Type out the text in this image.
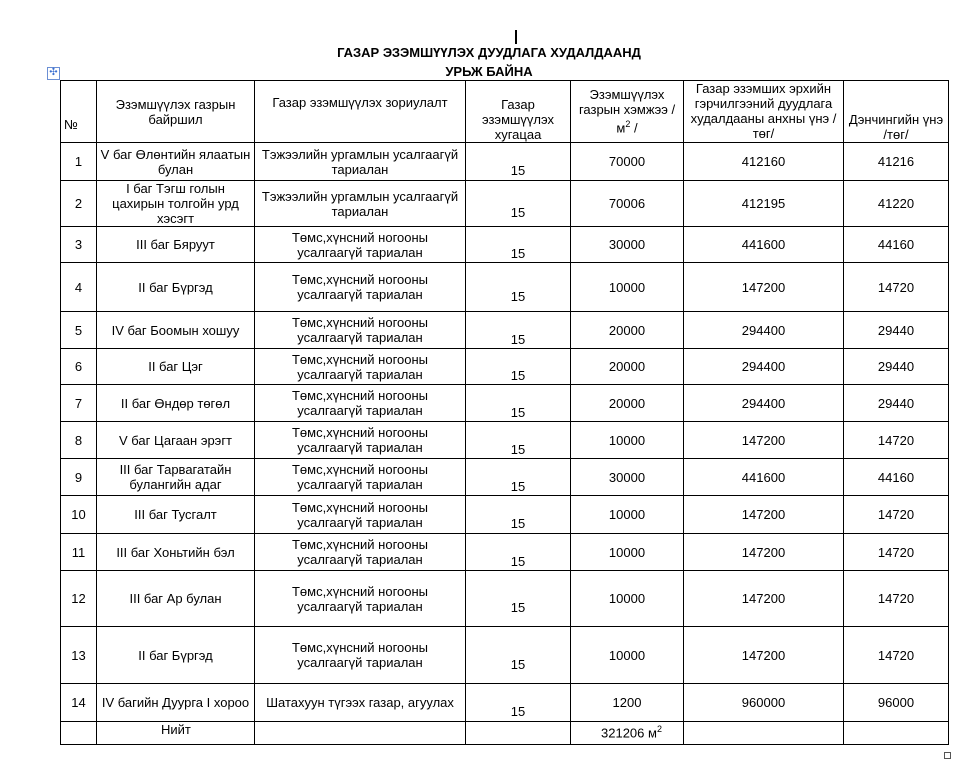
ГАЗАР ЭЗЭМШҮҮЛЭХ ДУУДЛАГА ХУДАЛДААНД
УРЬЖ БАЙНА
✣
№	Эзэмшүүлэх газрын байршил	Газар эзэмшүүлэх зориулалт	Газар эзэмшүүлэх хугацаа	Эзэмшүүлэх газрын хэмжээ / $м^2$ /	Газар эзэмших эрхийн гэрчилгээний дуудлага худалдааны анхны үнэ /төг/	Дэнчингийн үнэ /төг/
1	V баг Өлөнтийн ялаатын булан	Тэжээлийн ургамлын усалгаагүй тариалан	15	70000	412160	41216
2	I баг Тэгш голын цахирын толгойн урд хэсэгт	Тэжээлийн ургамлын усалгаагүй тариалан	15	70006	412195	41220
3	III баг Бяруут	Төмс,хүнсний ногооны усалгаагүй тариалан	15	30000	441600	44160
4	II баг Бүргэд	Төмс,хүнсний ногооны усалгаагүй тариалан	15	10000	147200	14720
5	IV баг Боомын хошуу	Төмс,хүнсний ногооны усалгаагүй тариалан	15	20000	294400	29440
6	II баг Цэг	Төмс,хүнсний ногооны усалгаагүй тариалан	15	20000	294400	29440
7	II баг Өндөр төгөл	Төмс,хүнсний ногооны усалгаагүй тариалан	15	20000	294400	29440
8	V баг Цагаан эрэгт	Төмс,хүнсний ногооны усалгаагүй тариалан	15	10000	147200	14720
9	III баг Тарвагатайн булангийн адаг	Төмс,хүнсний ногооны усалгаагүй тариалан	15	30000	441600	44160
10	III баг Тусгалт	Төмс,хүнсний ногооны усалгаагүй тариалан	15	10000	147200	14720
11	III баг Хоньтийн бэл	Төмс,хүнсний ногооны усалгаагүй тариалан	15	10000	147200	14720
12	III баг Ар булан	Төмс,хүнсний ногооны усалгаагүй тариалан	15	10000	147200	14720
13	II баг Бүргэд	Төмс,хүнсний ногооны усалгаагүй тариалан	15	10000	147200	14720
14	IV багийн Дуурга I хороо	Шатахуун түгээх газар, агуулах	15	1200	960000	96000
	Нийт			321206 $м^2$		
